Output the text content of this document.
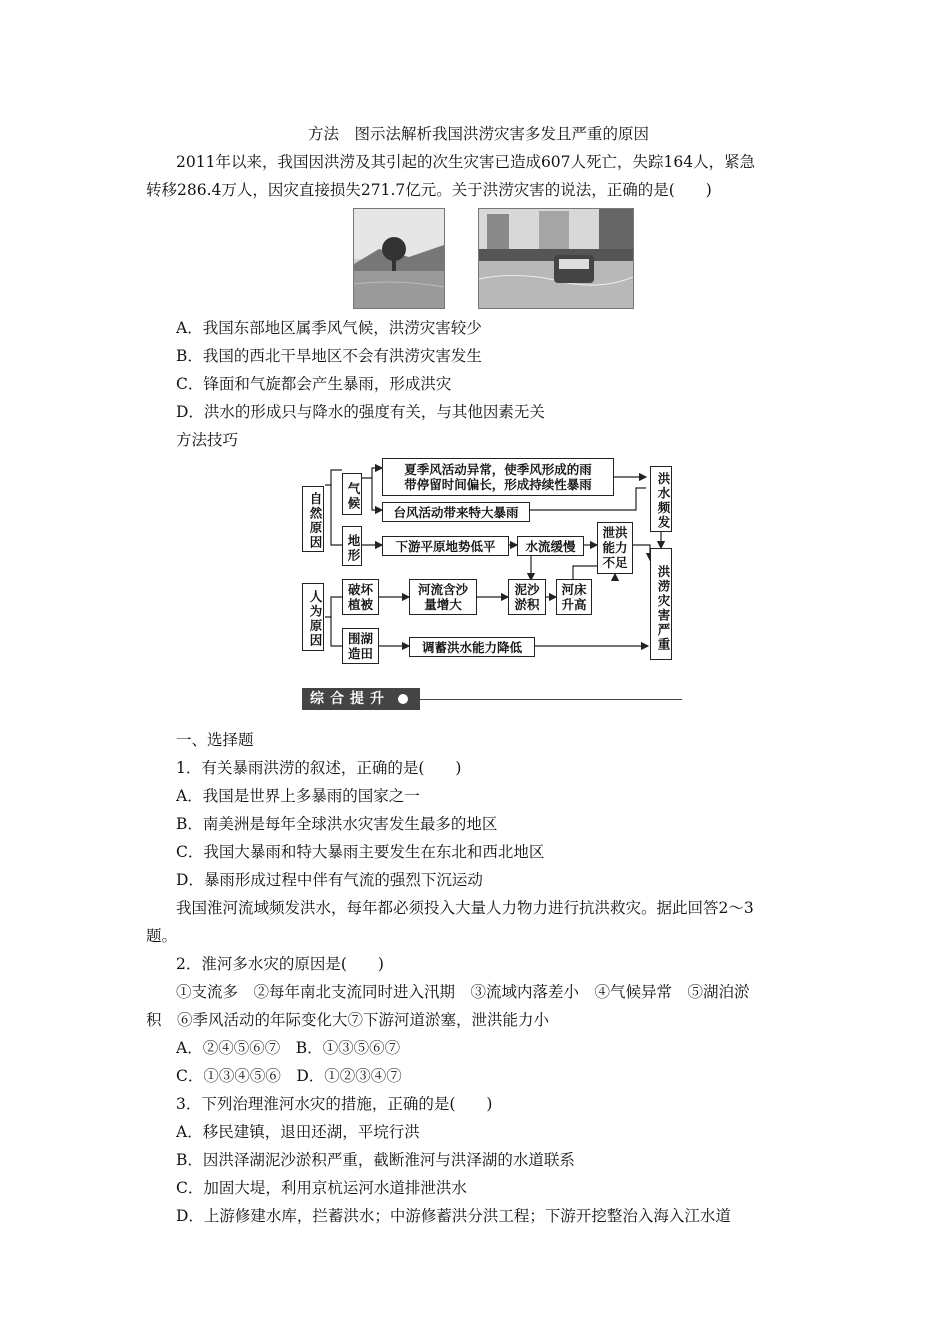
方法　图示法解析我国洪涝灾害多发且严重的原因
2011年以来，我国因洪涝及其引起的次生灾害已造成607人死亡，失踪164人，紧急
转移286.4万人，因灾直接损失271.7亿元。关于洪涝灾害的说法，正确的是(　　)
A．我国东部地区属季风气候，洪涝灾害较少
B．我国的西北干旱地区不会有洪涝灾害发生
C．锋面和气旋都会产生暴雨，形成洪灾
D．洪水的形成只与降水的强度有关，与其他因素无关
方法技巧
自然原因	气候
夏季风活动异常，使季风形成的雨
带停留时间偏长，形成持续性暴雨
台风活动带来特大暴雨
地形	下游平原地势低平	水流缓慢
泄洪能力不足
洪水频发
洪涝灾害严重
人为原因
破坏植被
河流含沙
量增大
泥沙
淤积
河床
升高
围湖
造田	调蓄洪水能力降低
综合提升
一、选择题
1．有关暴雨洪涝的叙述，正确的是(　　)
A．我国是世界上多暴雨的国家之一
B．南美洲是每年全球洪水灾害发生最多的地区
C．我国大暴雨和特大暴雨主要发生在东北和西北地区
D．暴雨形成过程中伴有气流的强烈下沉运动
我国淮河流域频发洪水，每年都必须投入大量人力物力进行抗洪救灾。据此回答2～3
题。
2．淮河多水灾的原因是(　　)
①支流多　②每年南北支流同时进入汛期　③流域内落差小　④气候异常　⑤湖泊淤
积　⑥季风活动的年际变化大⑦下游河道淤塞，泄洪能力小
A．②④⑤⑥⑦　B．①③⑤⑥⑦
C．①③④⑤⑥　D．①②③④⑦
3．下列治理淮河水灾的措施，正确的是(　　)
A．移民建镇，退田还湖，平垸行洪
B．因洪泽湖泥沙淤积严重，截断淮河与洪泽湖的水道联系
C．加固大堤，利用京杭运河水道排泄洪水
D．上游修建水库，拦蓄洪水；中游修蓄洪分洪工程；下游开挖整治入海入江水道
